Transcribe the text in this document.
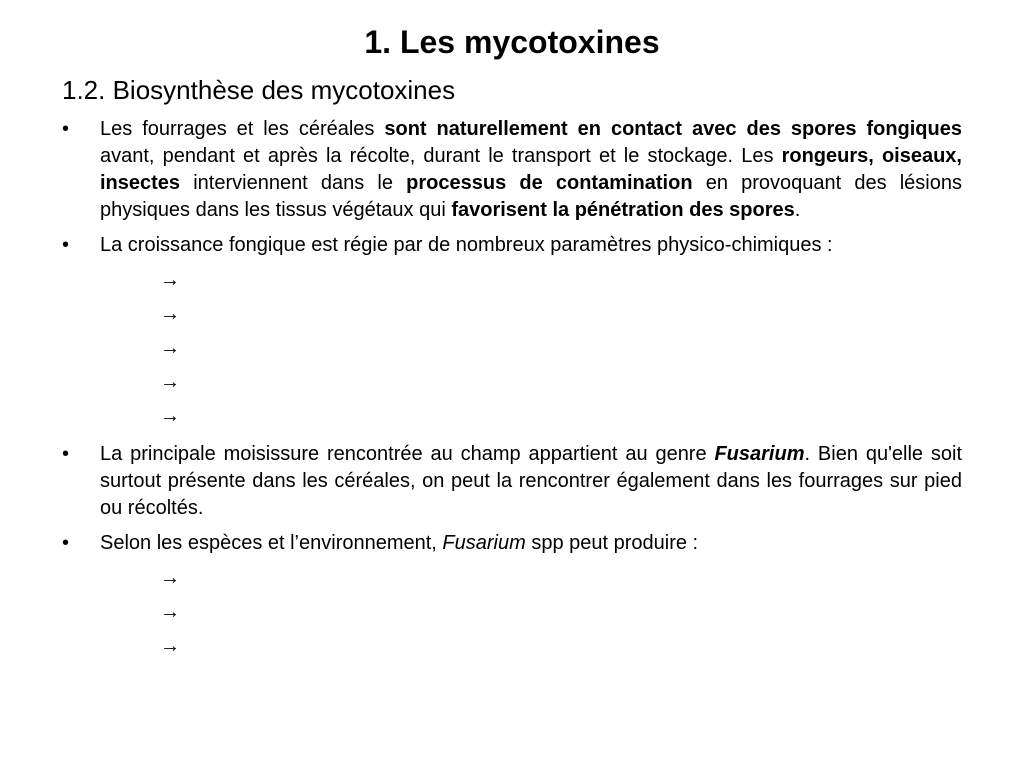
1. Les mycotoxines
1.2. Biosynthèse des mycotoxines
•	Les fourrages et les céréales sont naturellement en contact avec des spores fongiques avant, pendant et après la récolte, durant le transport et le stockage. Les rongeurs, oiseaux, insectes interviennent dans le processus de contamination en provoquant des lésions physiques dans les tissus végétaux qui favorisent la pénétration des spores.
•	La croissance fongique est régie par de nombreux paramètres physico-chimiques :
→
→
→
→
→
•	La principale moisissure rencontrée au champ appartient au genre Fusarium. Bien qu'elle soit surtout présente dans les céréales, on peut la rencontrer également dans les fourrages sur pied ou récoltés.
•	Selon les espèces et l’environnement, Fusarium spp peut produire :
→
→
→
